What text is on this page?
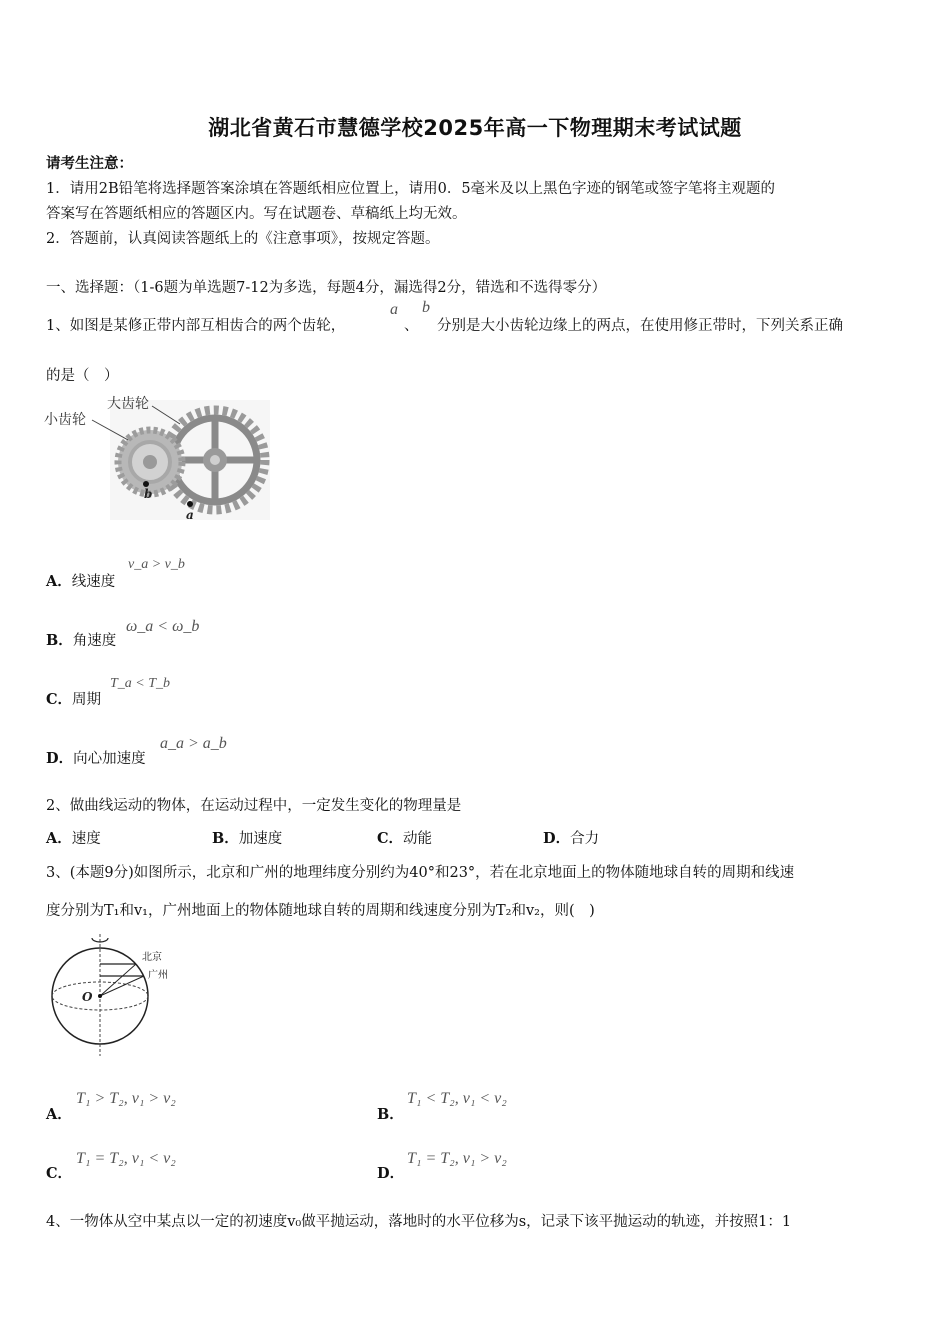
湖北省黄石市慧德学校2025年高一下物理期末考试试题
请考生注意：
1．请用2B铅笔将选择题答案涂填在答题纸相应位置上，请用0．5毫米及以上黑色字迹的钢笔或签字笔将主观题的
答案写在答题纸相应的答题区内。写在试题卷、草稿纸上均无效。
2．答题前，认真阅读答题纸上的《注意事项》，按规定答题。
一、选择题：（1-6题为单选题7-12为多选，每题4分，漏选得2分，错选和不选得零分）
1、如图是某修正带内部互相齿合的两个齿轮，
a
、
b
分别是大小齿轮边缘上的两点，在使用修正带时，下列关系正确
的是（　）
b
a
大齿轮
小齿轮
A．线速度
v_a > v_b
B．角速度
ω_a < ω_b
C．周期
T_a < T_b
D．向心加速度
a_a > a_b
2、做曲线运动的物体，在运动过程中，一定发生变化的物理量是
A．速度	B．加速度	C．动能	D．合力
3、(本题9分)如图所示，北京和广州的地理纬度分别约为40°和23°，若在北京地面上的物体随地球自转的周期和线速
度分别为T₁和v₁，广州地面上的物体随地球自转的周期和线速度分别为T₂和v₂，则(　)
北京
广州
O
A．
T₁ > T₂, v₁ > v₂
B．
T₁ < T₂, v₁ < v₂
C．
T₁ = T₂, v₁ < v₂
D．
T₁ = T₂, v₁ > v₂
4、一物体从空中某点以一定的初速度v₀做平抛运动，落地时的水平位移为s，记录下该平抛运动的轨迹，并按照1：1
